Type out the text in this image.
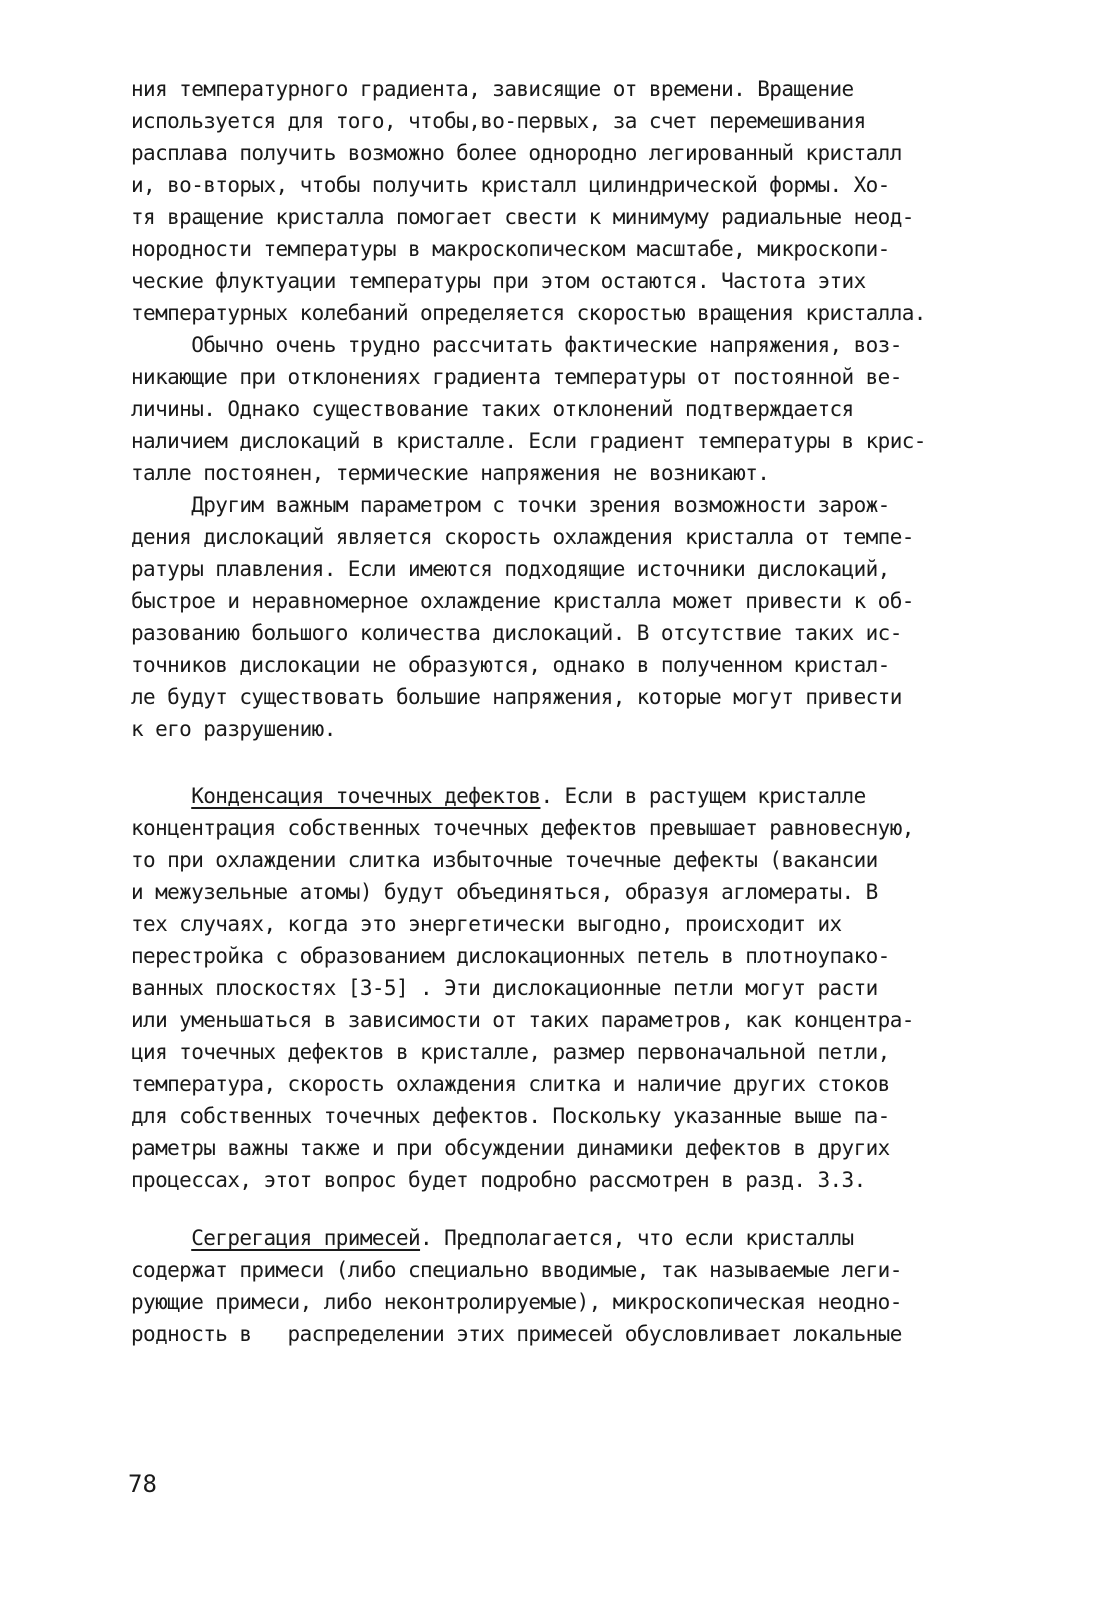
ния температурного градиента, зависящие от времени. Вращение
используется для того, чтобы,во-первых, за счет перемешивания
расплава получить возможно более однородно легированный кристалл
и, во-вторых, чтобы получить кристалл цилиндрической формы. Хо-
тя вращение кристалла помогает свести к минимуму радиальные неод-
нородности температуры в макроскопическом масштабе, микроскопи-
ческие флуктуации температуры при этом остаются. Частота этих
температурных колебаний определяется скоростью вращения кристалла.
Обычно очень трудно рассчитать фактические напряжения, воз-
никающие при отклонениях градиента температуры от постоянной ве-
личины. Однако существование таких отклонений подтверждается
наличием дислокаций в кристалле. Если градиент температуры в крис-
талле постоянен, термические напряжения не возникают.
Другим важным параметром с точки зрения возможности зарож-
дения дислокаций является скорость охлаждения кристалла от темпе-
ратуры плавления. Если имеются подходящие источники дислокаций,
быстрое и неравномерное охлаждение кристалла может привести к об-
разованию большого количества дислокаций. В отсутствие таких ис-
точников дислокации не образуются, однако в полученном кристал-
ле будут существовать большие напряжения, которые могут привести
к его разрушению.
Конденсация точечных дефектов. Если в растущем кристалле
концентрация собственных точечных дефектов превышает равновесную,
то при охлаждении слитка избыточные точечные дефекты (вакансии
и межузельные атомы) будут объединяться, образуя агломераты. В
тех случаях, когда это энергетически выгодно, происходит их
перестройка с образованием дислокационных петель в плотноупако-
ванных плоскостях [3-5] . Эти дислокационные петли могут расти
или уменьшаться в зависимости от таких параметров, как концентра-
ция точечных дефектов в кристалле, размер первоначальной петли,
температура, скорость охлаждения слитка и наличие других стоков
для собственных точечных дефектов. Поскольку указанные выше па-
раметры важны также и при обсуждении динамики дефектов в других
процессах, этот вопрос будет подробно рассмотрен в разд. 3.3.
Сегрегация примесей. Предполагается, что если кристаллы
содержат примеси (либо специально вводимые, так называемые леги-
рующие примеси, либо неконтролируемые), микроскопическая неодно-
родность в   распределении этих примесей обусловливает локальные
78
